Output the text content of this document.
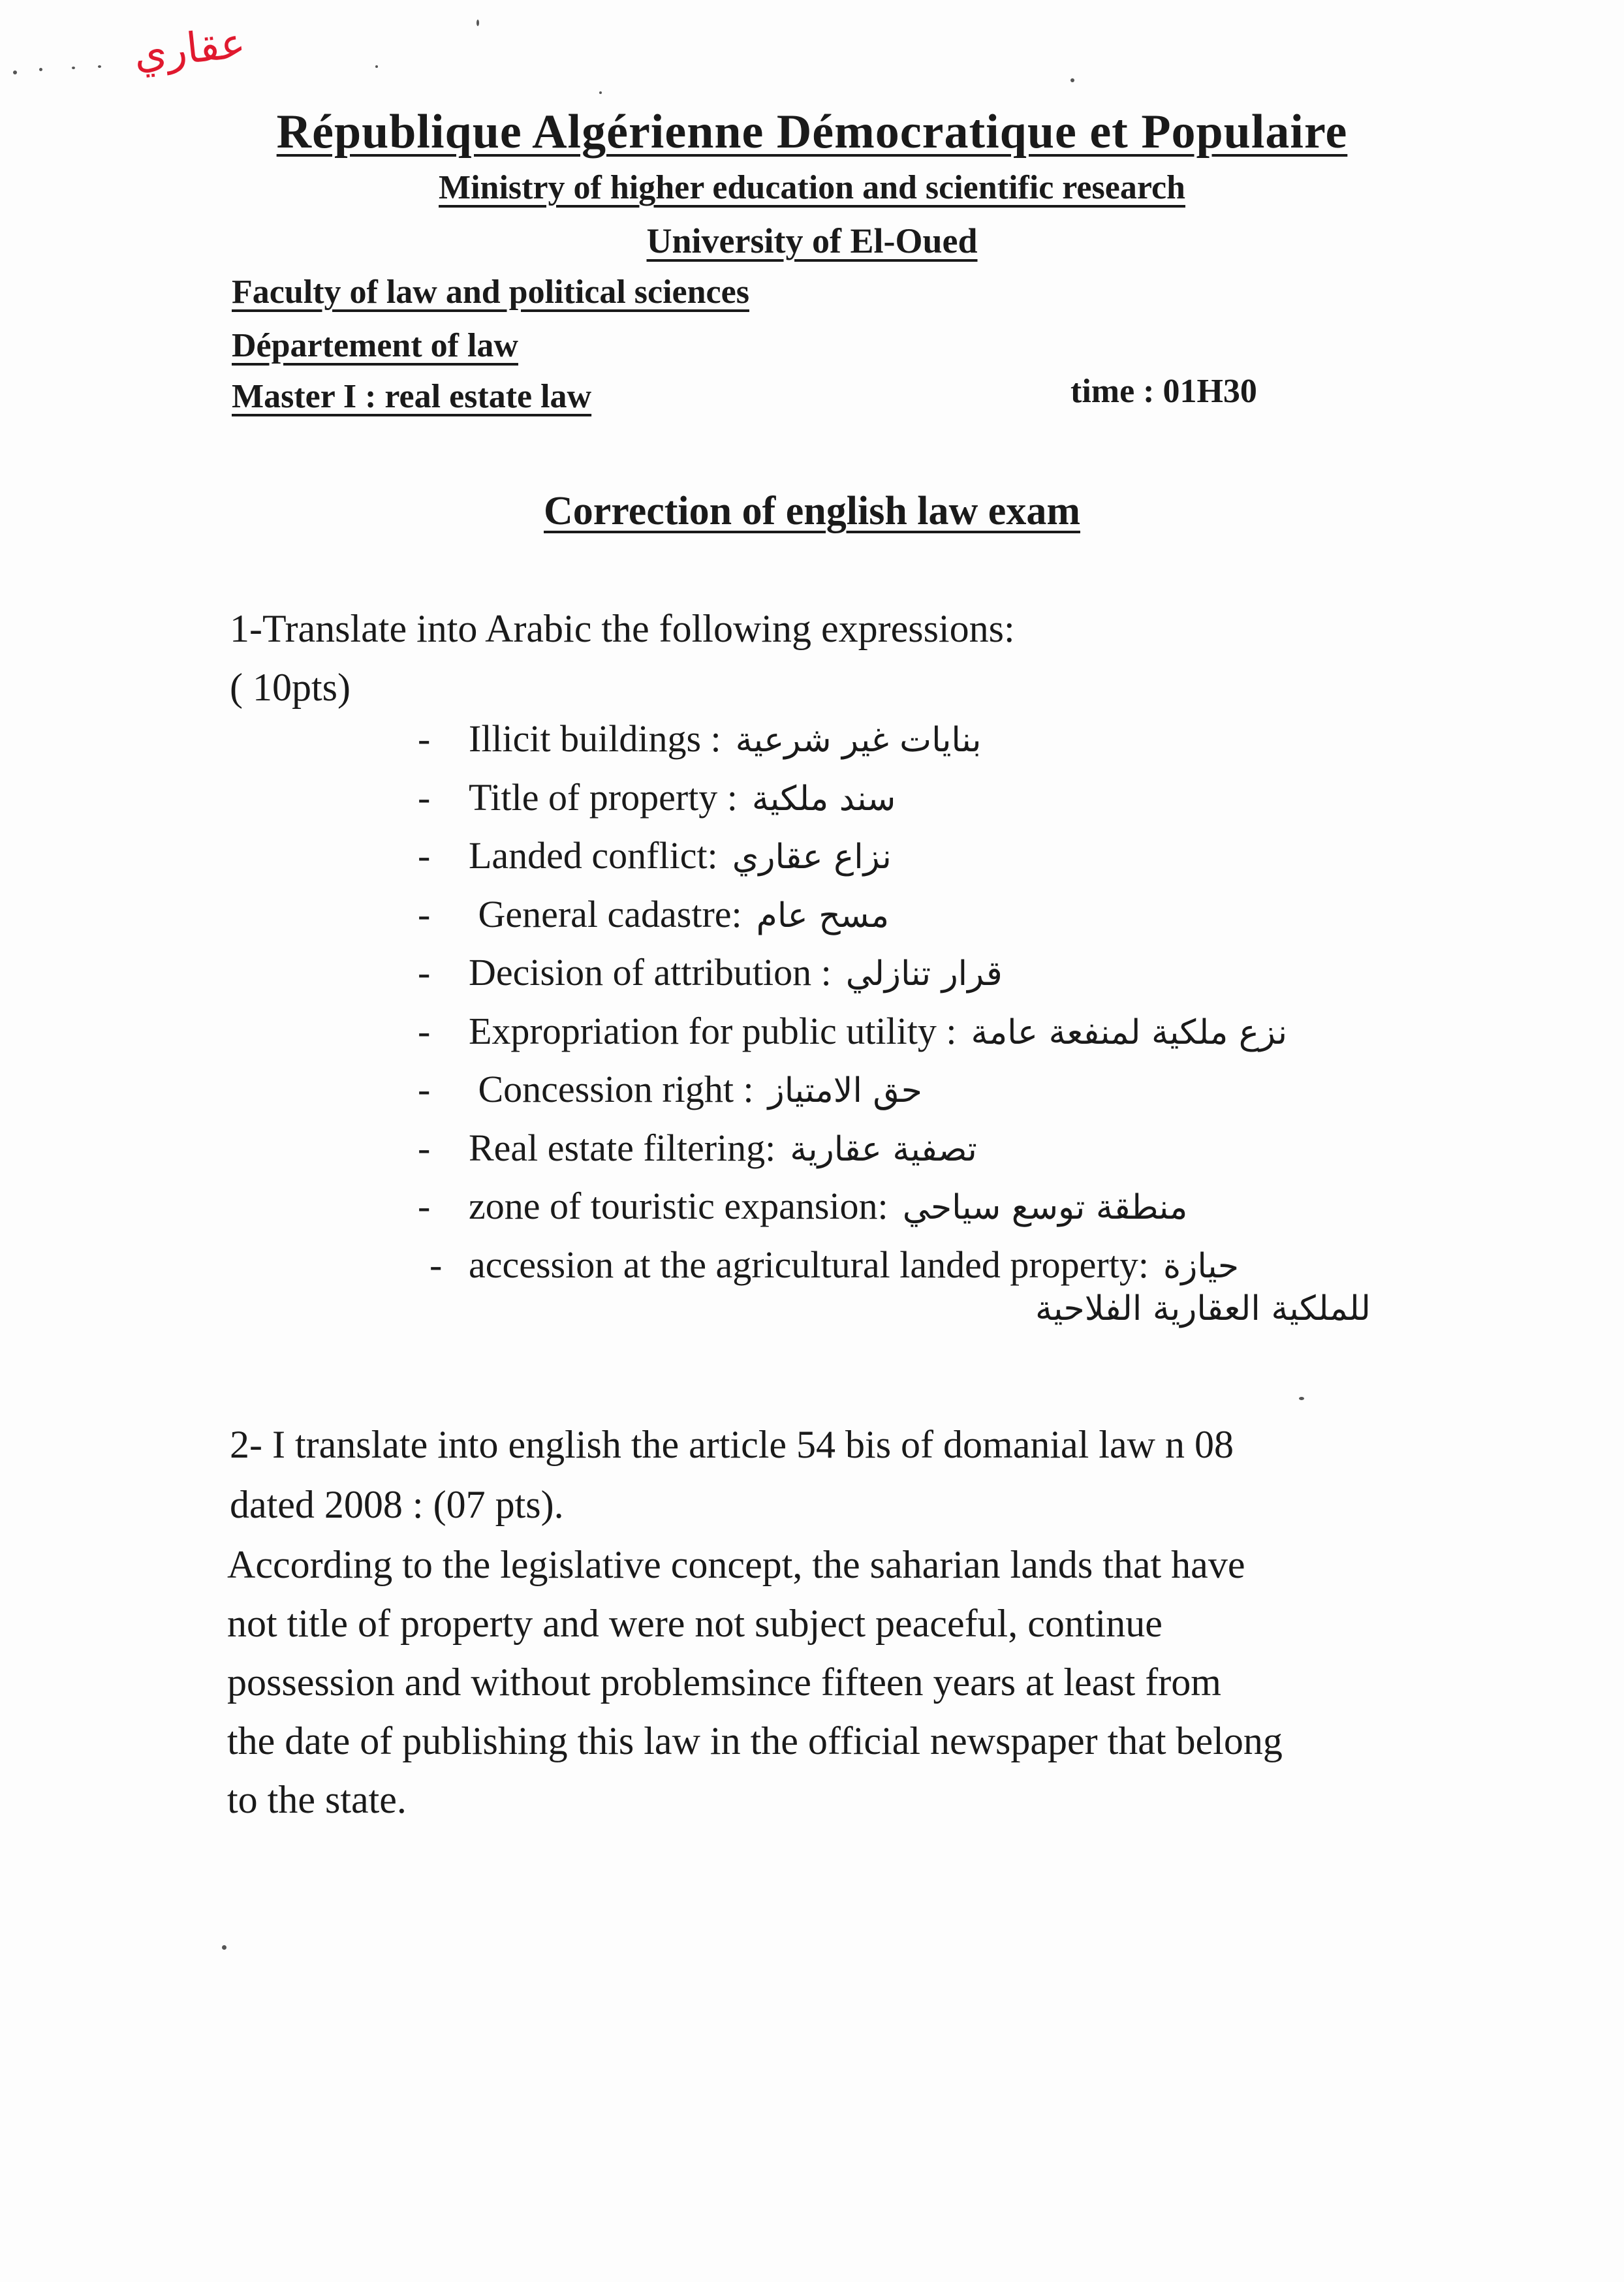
عقاري
République Algérienne Démocratique et Populaire
Ministry of higher education and scientific research
University of El-Oued
Faculty of law and political sciences
Département of law
Master I : real estate law	time : 01H30
Correction of english law exam
1-Translate into Arabic the following expressions:
( 10pts)
-	Illicit buildings : بنايات غير شرعية
-	Title of property : سند ملكية
-	Landed conflict: نزاع عقاري
-	General cadastre: مسح عام
-	Decision of attribution : قرار تنازلي
-	Expropriation for public utility : نزع ملكية لمنفعة عامة
-	Concession right : حق الامتياز
-	Real estate filtering: تصفية عقارية
-	zone of touristic expansion: منطقة توسع سياحي
- accession at the agricultural landed property: حيازة
للملكية العقارية الفلاحية
2- I translate into english the article 54 bis of domanial law n 08
dated 2008 : (07 pts).
According to the legislative concept, the saharian lands that have
not title of property and were not subject peaceful, continue
possession and without problemsince fifteen years at least from
the date of publishing this law in the official newspaper that belong
to the state.
